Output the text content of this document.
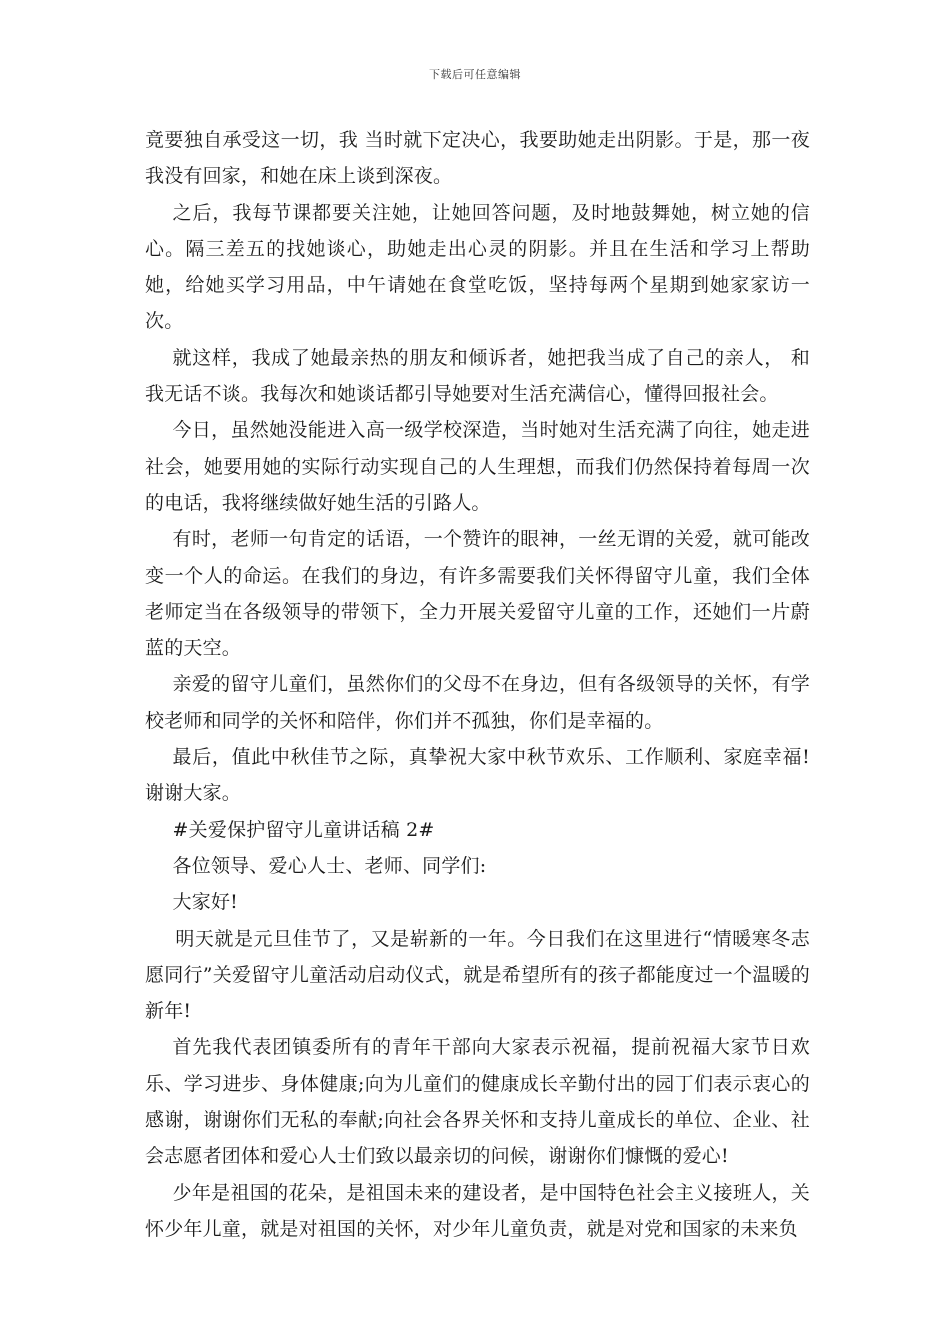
下载后可任意编辑

竟要独自承受这一切，我 当时就下定决心，我要助她走出阴影。于是，那一夜我没有回家，和她在床上谈到深夜。

之后，我每节课都要关注她，让她回答问题，及时地鼓舞她，树立她的信心。隔三差五的找她谈心，助她走出心灵的阴影。并且在生活和学习上帮助她，给她买学习用品，中午请她在食堂吃饭，坚持每两个星期到她家家访一次。

就这样，我成了她最亲热的朋友和倾诉者，她把我当成了自己的亲人， 和我无话不谈。我每次和她谈话都引导她要对生活充满信心，懂得回报社会。

今日，虽然她没能进入高一级学校深造，当时她对生活充满了向往，她走进社会，她要用她的实际行动实现自己的人生理想，而我们仍然保持着每周一次的电话，我将继续做好她生活的引路人。

有时，老师一句肯定的话语，一个赞许的眼神，一丝无谓的关爱，就可能改变一个人的命运。在我们的身边，有许多需要我们关怀得留守儿童，我们全体老师定当在各级领导的带领下，全力开展关爱留守儿童的工作，还她们一片蔚蓝的天空。

亲爱的留守儿童们，虽然你们的父母不在身边，但有各级领导的关怀，有学校老师和同学的关怀和陪伴，你们并不孤独，你们是幸福的。

最后，值此中秋佳节之际，真挚祝大家中秋节欢乐、工作顺利、家庭幸福!谢谢大家。

#关爱保护留守儿童讲话稿 2#

各位领导、爱心人士、老师、同学们:

大家好!

明天就是元旦佳节了，又是崭新的一年。今日我们在这里进行“情暖寒冬志愿同行”关爱留守儿童活动启动仪式，就是希望所有的孩子都能度过一个温暖的新年!

首先我代表团镇委所有的青年干部向大家表示祝福，提前祝福大家节日欢乐、学习进步、身体健康;向为儿童们的健康成长辛勤付出的园丁们表示衷心的感谢，谢谢你们无私的奉献;向社会各界关怀和支持儿童成长的单位、企业、社会志愿者团体和爱心人士们致以最亲切的问候，谢谢你们慷慨的爱心!

少年是祖国的花朵，是祖国未来的建设者，是中国特色社会主义接班人，关怀少年儿童，就是对祖国的关怀，对少年儿童负责，就是对党和国家的未来负
